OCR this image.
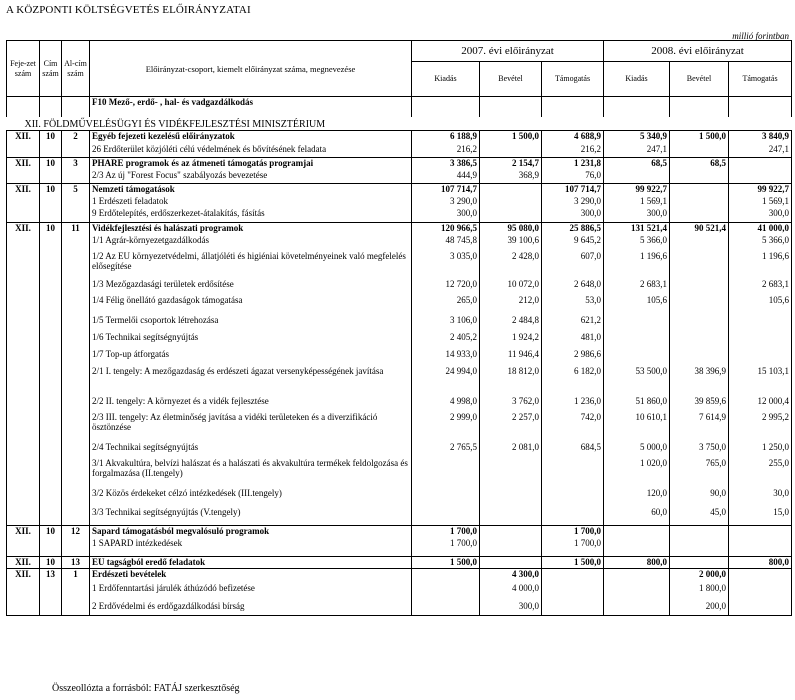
A KÖZPONTI KÖLTSÉGVETÉS ELŐIRÁNYZATAI
millió forintban
Feje-zet szám	Cím szám	Al-cím szám	Előirányzat-csoport, kiemelt előirányzat száma, megnevezése	2007. évi előirányzat			2008. évi előirányzat		
				Kiadás	Bevétel	Támogatás	Kiadás	Bevétel	Támogatás
			F10 Mező-, erdő- , hal- és vadgazdálkodás						
XII. FÖLDMŰVELÉSÜGYI ÉS VIDÉKFEJLESZTÉSI MINISZTÉRIUM									
XII.	10	2	Egyéb fejezeti kezelésű előirányzatok	6 188,9	1 500,0	4 688,9	5 340,9	1 500,0	3 840,9
			26 Erdőterület közjóléti célú védelmének és bővítésének feladata	216,2		216,2	247,1		247,1
XII.	10	3	PHARE programok és az átmeneti támogatás programjai	3 386,5	2 154,7	1 231,8	68,5	68,5	
			2/3 Az új "Forest Focus" szabályozás bevezetése	444,9	368,9	76,0			
XII.	10	5	Nemzeti támogatások	107 714,7		107 714,7	99 922,7		99 922,7
			1 Erdészeti feladatok	3 290,0		3 290,0	1 569,1		1 569,1
			9 Erdőtelepítés, erdőszerkezet-átalakítás, fásítás	300,0		300,0	300,0		300,0
XII.	10	11	Vidékfejlesztési és halászati programok	120 966,5	95 080,0	25 886,5	131 521,4	90 521,4	41 000,0
			1/1 Agrár-környezetgazdálkodás	48 745,8	39 100,6	9 645,2	5 366,0		5 366,0
			1/2 Az EU környezetvédelmi, állatjóléti és higiéniai követelményeinek való megfelelés elősegítése	3 035,0	2 428,0	607,0	1 196,6		1 196,6
			1/3 Mezőgazdasági területek erdősítése	12 720,0	10 072,0	2 648,0	2 683,1		2 683,1
			1/4 Félig önellátó gazdaságok támogatása	265,0	212,0	53,0	105,6		105,6
			1/5 Termelői csoportok létrehozása	3 106,0	2 484,8	621,2			
			1/6 Technikai segítségnyújtás	2 405,2	1 924,2	481,0			
			1/7 Top-up átforgatás	14 933,0	11 946,4	2 986,6			
			2/1 I. tengely: A mezőgazdaság és erdészeti ágazat versenyképességének javítása	24 994,0	18 812,0	6 182,0	53 500,0	38 396,9	15 103,1
			2/2 II. tengely: A környezet és a vidék fejlesztése	4 998,0	3 762,0	1 236,0	51 860,0	39 859,6	12 000,4
			2/3 III. tengely: Az életminőség javítása a vidéki területeken és a diverzifikáció ösztönzése	2 999,0	2 257,0	742,0	10 610,1	7 614,9	2 995,2
			2/4 Technikai segítségnyújtás	2 765,5	2 081,0	684,5	5 000,0	3 750,0	1 250,0
			3/1 Akvakultúra, belvízi halászat és a halászati és akvakultúra termékek feldolgozása és forgalmazása (II.tengely)				1 020,0	765,0	255,0
			3/2 Közös érdekeket célzó intézkedések (III.tengely)				120,0	90,0	30,0
			3/3 Technikai segítségnyújtás (V.tengely)				60,0	45,0	15,0
XII.	10	12	Sapard támogatásból megvalósuló programok	1 700,0		1 700,0			
			1 SAPARD intézkedések	1 700,0		1 700,0			
XII.	10	13	EU tagságból eredő feladatok	1 500,0		1 500,0	800,0		800,0
XII.	13	1	Erdészeti bevételek		4 300,0			2 000,0	
			1 Erdőfenntartási járulék áthúzódó befizetése		4 000,0			1 800,0	
			2 Erdővédelmi és erdőgazdálkodási bírság		300,0			200,0	
Összeollózta a forrásból: FATÁJ szerkesztőség
